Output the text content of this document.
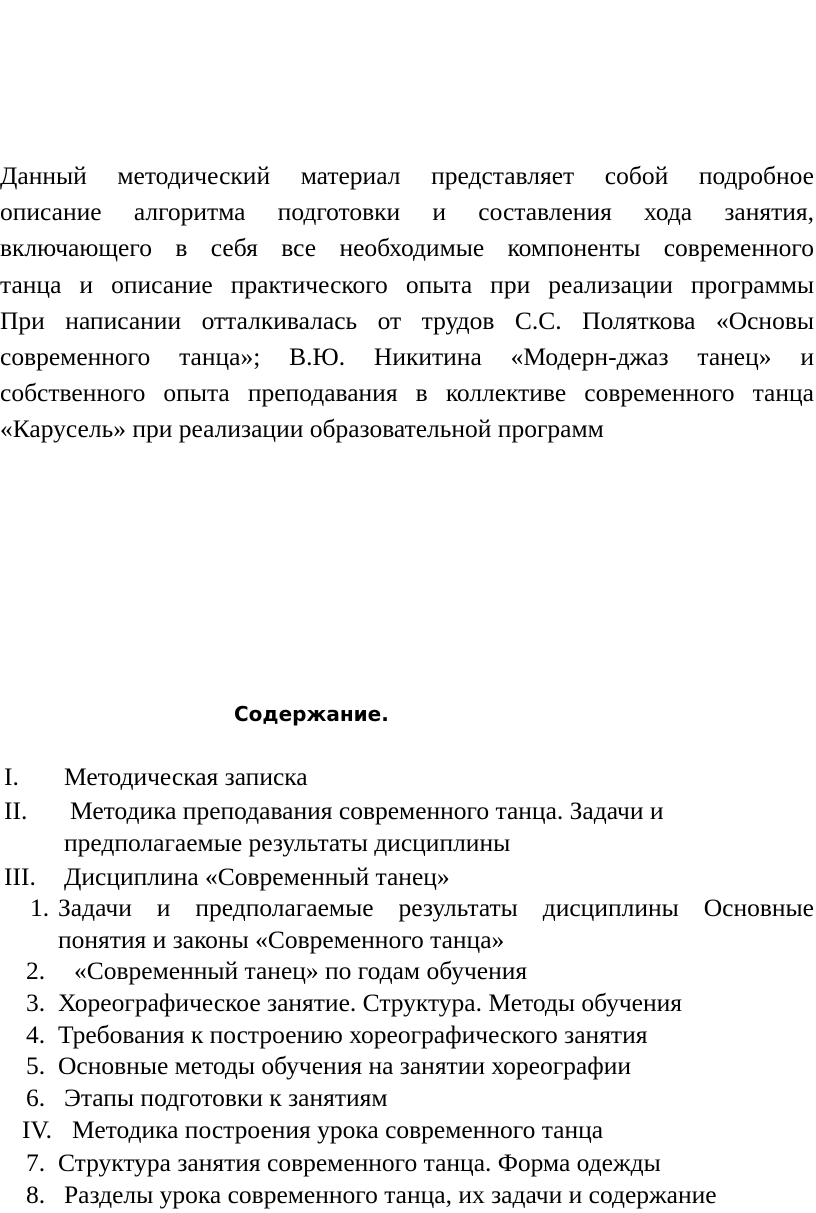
Данный методический материал представляет собой подробное
описание алгоритма подготовки и составления хода занятия,
включающего в себя все необходимые компоненты современного
танца и описание практического опыта при реализации программы
При написании отталкивалась от трудов С.С. Поляткова «Основы
современного танца»; В.Ю. Никитина «Модерн-джаз танец» и
собственного опыта преподавания в коллективе современного танца
«Карусель» при реализации образовательной программ
Содержание.
I. Методическая записка
II. Методика преподавания современного танца. Задачи и
предполагаемые результаты дисциплины
III. Дисциплина «Современный танец»
1. Задачи и предполагаемые результаты дисциплины Основные
понятия и законы «Современного танца»
2. «Современный танец» по годам обучения
3. Хореографическое занятие. Структура. Методы обучения
4. Требования к построению хореографического занятия
5. Основные методы обучения на занятии хореографии
6. Этапы подготовки к занятиям
IV. Методика построения урока современного танца
7. Структура занятия современного танца. Форма одежды
8. Разделы урока современного танца, их задачи и содержание
